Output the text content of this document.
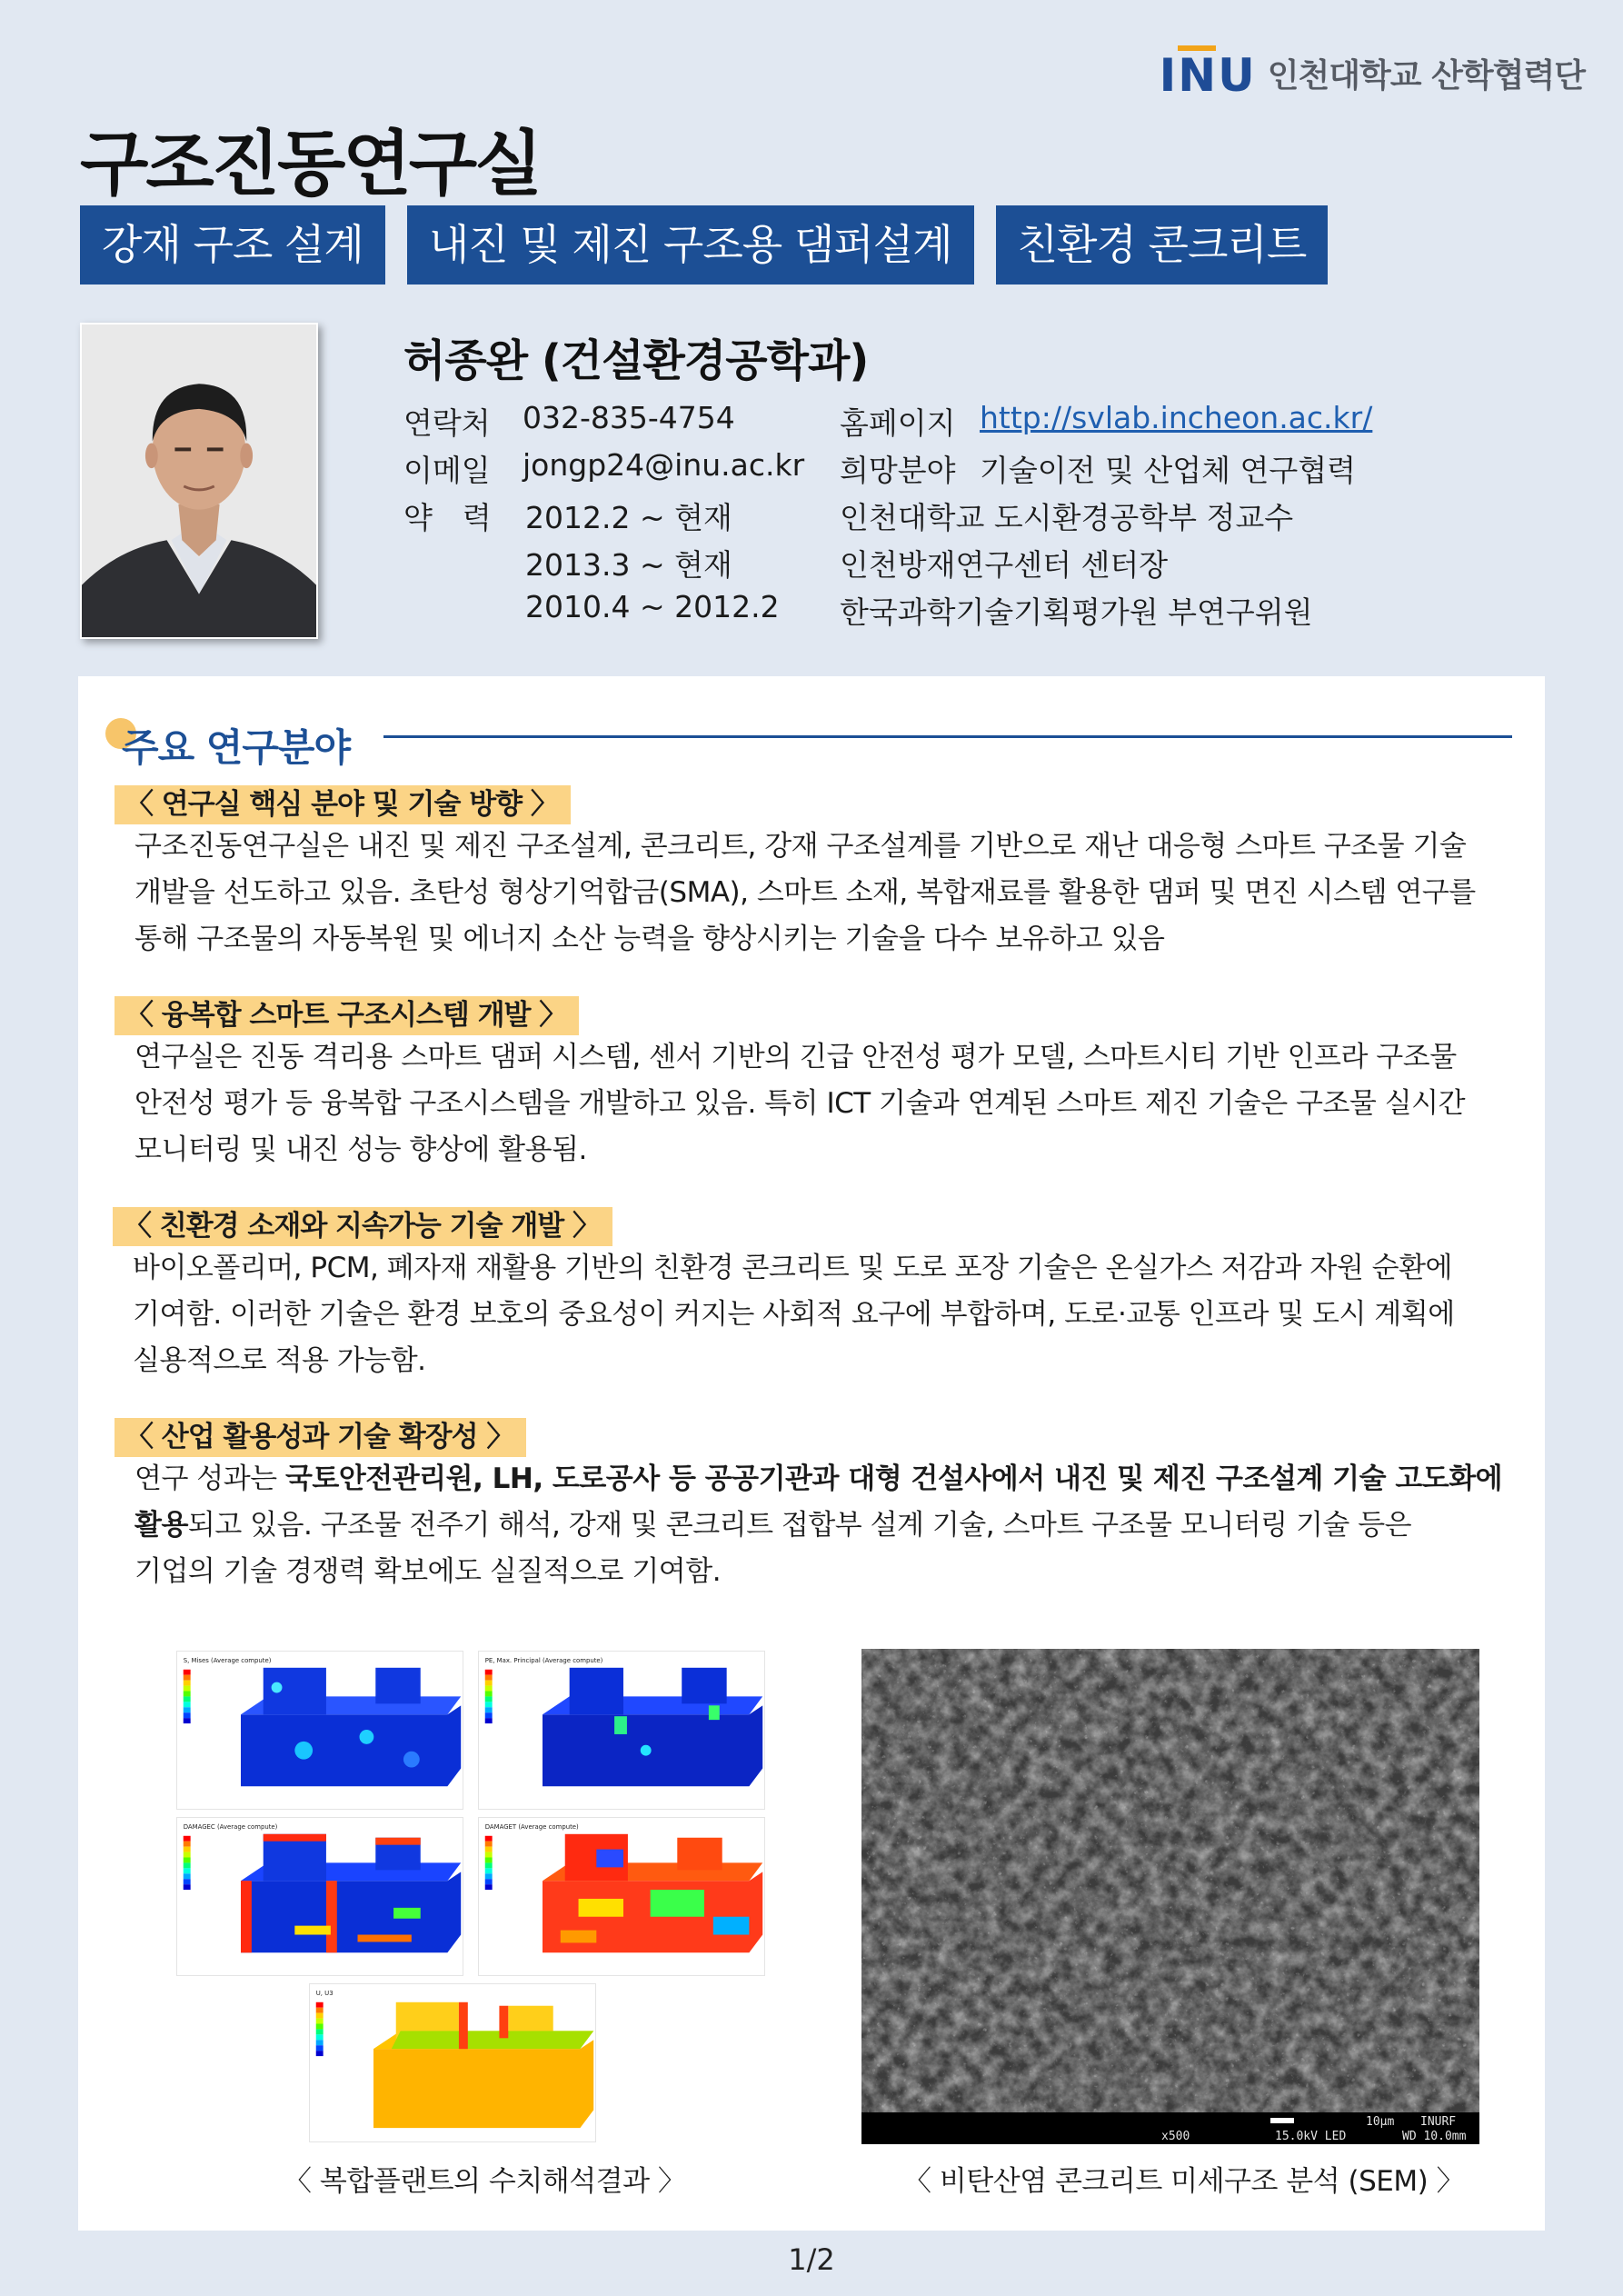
I N U 인천대학교 산학협력단
구조진동연구실
강재 구조 설계	내진 및 제진 구조용 댐퍼설계	친환경 콘크리트
허종완 (건설환경공학과)
연락처 032-835-4754	홈페이지 http://svlab.incheon.ac.kr/
이메일 jongp24@inu.ac.kr 희망분야 기술이전 및 산업체 연구협력
약　력 2012.2 ~ 현재	인천대학교 도시환경공학부 정교수
2013.3 ~ 현재	인천방재연구센터 센터장
2010.4 ~ 2012.2 한국과학기술기획평가원 부연구위원
주요 연구분야
〈 연구실 핵심 분야 및 기술 방향 〉
구조진동연구실은 내진 및 제진 구조설계, 콘크리트, 강재 구조설계를 기반으로 재난 대응형 스마트 구조물 기술
개발을 선도하고 있음. 초탄성 형상기억합금(SMA), 스마트 소재, 복합재료를 활용한 댐퍼 및 면진 시스템 연구를
통해 구조물의 자동복원 및 에너지 소산 능력을 향상시키는 기술을 다수 보유하고 있음
〈 융복합 스마트 구조시스템 개발 〉
연구실은 진동 격리용 스마트 댐퍼 시스템, 센서 기반의 긴급 안전성 평가 모델, 스마트시티 기반 인프라 구조물
안전성 평가 등 융복합 구조시스템을 개발하고 있음. 특히 ICT 기술과 연계된 스마트 제진 기술은 구조물 실시간
모니터링 및 내진 성능 향상에 활용됨.
〈 친환경 소재와 지속가능 기술 개발 〉
바이오폴리머, PCM, 폐자재 재활용 기반의 친환경 콘크리트 및 도로 포장 기술은 온실가스 저감과 자원 순환에
기여함. 이러한 기술은 환경 보호의 중요성이 커지는 사회적 요구에 부합하며, 도로·교통 인프라 및 도시 계획에
실용적으로 적용 가능함.
〈 산업 활용성과 기술 확장성 〉
연구 성과는 국토안전관리원, LH, 도로공사 등 공공기관과 대형 건설사에서 내진 및 제진 구조설계 기술 고도화에
활용되고 있음. 구조물 전주기 해석, 강재 및 콘크리트 접합부 설계 기술, 스마트 구조물 모니터링 기술 등은
기업의 기술 경쟁력 확보에도 실질적으로 기여함.
S, Mises (Average compute)	PE, Max. Principal (Average compute)
DAMAGEC (Average compute)	DAMAGET (Average compute)
U, U3
10μm INURF
x500	15.0kV LED	WD 10.0mm
〈 복합플랜트의 수치해석결과 〉	〈 비탄산염 콘크리트 미세구조 분석 (SEM) 〉
1/2
